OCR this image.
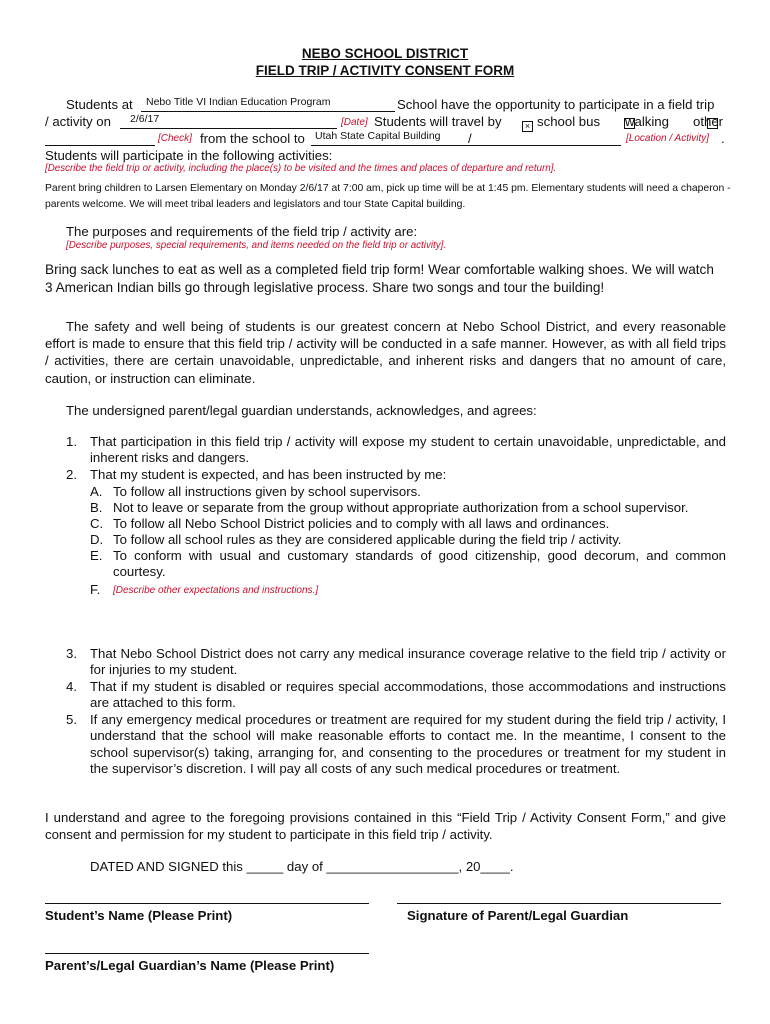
NEBO SCHOOL DISTRICT
FIELD TRIP / ACTIVITY CONSENT FORM
Students at Nebo Title VI Indian Education Program	School have the opportunity to participate in a field trip
/ activity on 2/6/17	[Date] Students will travel by	× school bus
walking other
[Check] from the school to Utah State Capital Building /	[Location / Activity] .
Students will participate in the following activities:
[Describe the field trip or activity, including the place(s) to be visited and the times and places of departure and return].
Parent bring children to Larsen Elementary on Monday 2/6/17 at 7:00 am, pick up time will be at 1:45 pm. Elementary students will need a chaperon - parents welcome. We will meet tribal leaders and legislators and tour State Capital building.
The purposes and requirements of the field trip / activity are:
[Describe purposes, special requirements, and items needed on the field trip or activity].
Bring sack lunches to eat as well as a completed field trip form! Wear comfortable walking shoes. We will watch 3 American Indian bills go through legislative process. Share two songs and tour the building!
The safety and well being of students is our greatest concern at Nebo School District, and every reasonable effort is made to ensure that this field trip / activity will be conducted in a safe manner. However, as with all field trips / activities, there are certain unavoidable, unpredictable, and inherent risks and dangers that no amount of care, caution, or instruction can eliminate.
The undersigned parent/legal guardian understands, acknowledges, and agrees:
1. That participation in this field trip / activity will expose my student to certain unavoidable, unpredictable, and inherent risks and dangers.
2. That my student is expected, and has been instructed by me:
A. To follow all instructions given by school supervisors.
B. Not to leave or separate from the group without appropriate authorization from a school supervisor.
C. To follow all Nebo School District policies and to comply with all laws and ordinances.
D. To follow all school rules as they are considered applicable during the field trip / activity.
E. To conform with usual and customary standards of good citizenship, good decorum, and common courtesy.
F. [Describe other expectations and instructions.]
3. That Nebo School District does not carry any medical insurance coverage relative to the field trip / activity or for injuries to my student.
4. That if my student is disabled or requires special accommodations, those accommodations and instructions are attached to this form.
5. If any emergency medical procedures or treatment are required for my student during the field trip / activity, I understand that the school will make reasonable efforts to contact me. In the meantime, I consent to the school supervisor(s) taking, arranging for, and consenting to the procedures or treatment for my student in the supervisor’s discretion. I will pay all costs of any such medical procedures or treatment.
I understand and agree to the foregoing provisions contained in this “Field Trip / Activity Consent Form,” and give consent and permission for my student to participate in this field trip / activity.
DATED AND SIGNED this _____ day of __________________, 20____.
Student’s Name (Please Print)	Signature of Parent/Legal Guardian
Parent’s/Legal Guardian’s Name (Please Print)
